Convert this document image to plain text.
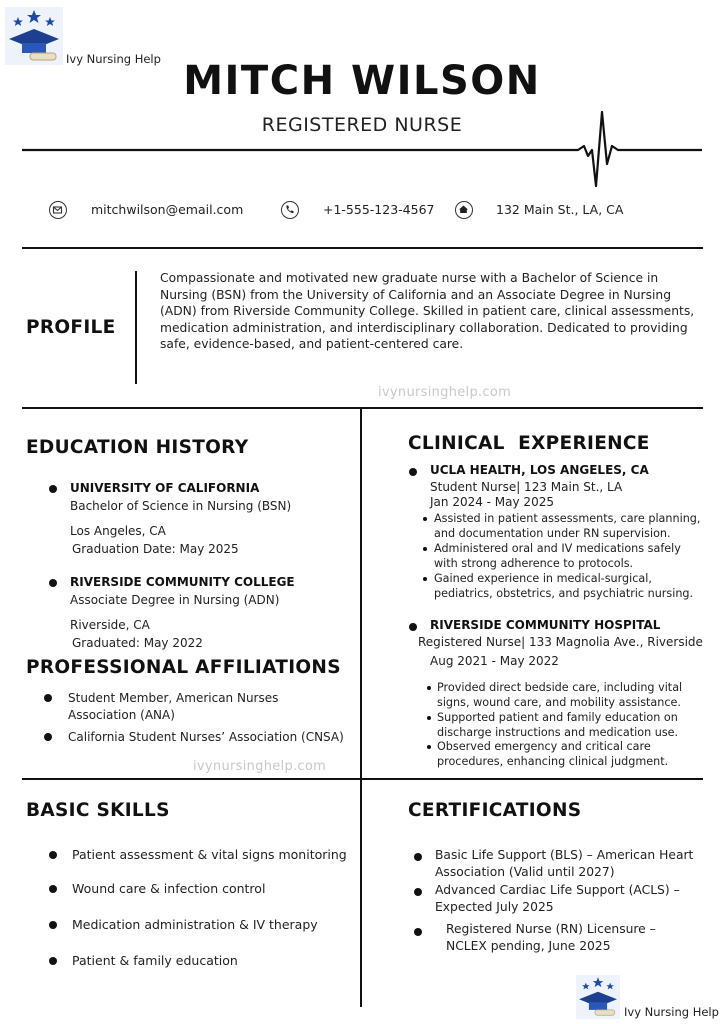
Ivy Nursing Help MITCH WILSON
REGISTERED NURSE
mitchwilson@email.com	+1-555-123-4567	132 Main St., LA, CA
PROFILE
Compassionate and motivated new graduate nurse with a Bachelor of Science in
Nursing (BSN) from the University of California and an Associate Degree in Nursing
(ADN) from Riverside Community College. Skilled in patient care, clinical assessments,
medication administration, and interdisciplinary collaboration. Dedicated to providing
safe, evidence-based, and patient-centered care.
ivynursinghelp.com
EDUCATION HISTORY
UNIVERSITY OF CALIFORNIA
Bachelor of Science in Nursing (BSN)
Los Angeles, CA
Graduation Date: May 2025
RIVERSIDE COMMUNITY COLLEGE
Associate Degree in Nursing (ADN)
Riverside, CA
Graduated: May 2022
PROFESSIONAL AFFILIATIONS
Student Member, American Nurses
Association (ANA)
California Student Nurses’ Association (CNSA)
ivynursinghelp.com
CLINICAL  EXPERIENCE
UCLA HEALTH, LOS ANGELES, CA
Student Nurse| 123 Main St., LA
Jan 2024 - May 2025
Assisted in patient assessments, care planning,
and documentation under RN supervision.
Administered oral and IV medications safely
with strong adherence to protocols.
Gained experience in medical-surgical,
pediatrics, obstetrics, and psychiatric nursing.
RIVERSIDE COMMUNITY HOSPITAL
Registered Nurse| 133 Magnolia Ave., Riverside
Aug 2021 - May 2022
Provided direct bedside care, including vital
signs, wound care, and mobility assistance.
Supported patient and family education on
discharge instructions and medication use.
Observed emergency and critical care
procedures, enhancing clinical judgment.
BASIC SKILLS
Patient assessment & vital signs monitoring
Wound care & infection control
Medication administration & IV therapy
Patient & family education
CERTIFICATIONS
Basic Life Support (BLS) – American Heart
Association (Valid until 2027)
Advanced Cardiac Life Support (ACLS) –
Expected July 2025
Registered Nurse (RN) Licensure –
NCLEX pending, June 2025
Ivy Nursing Help
